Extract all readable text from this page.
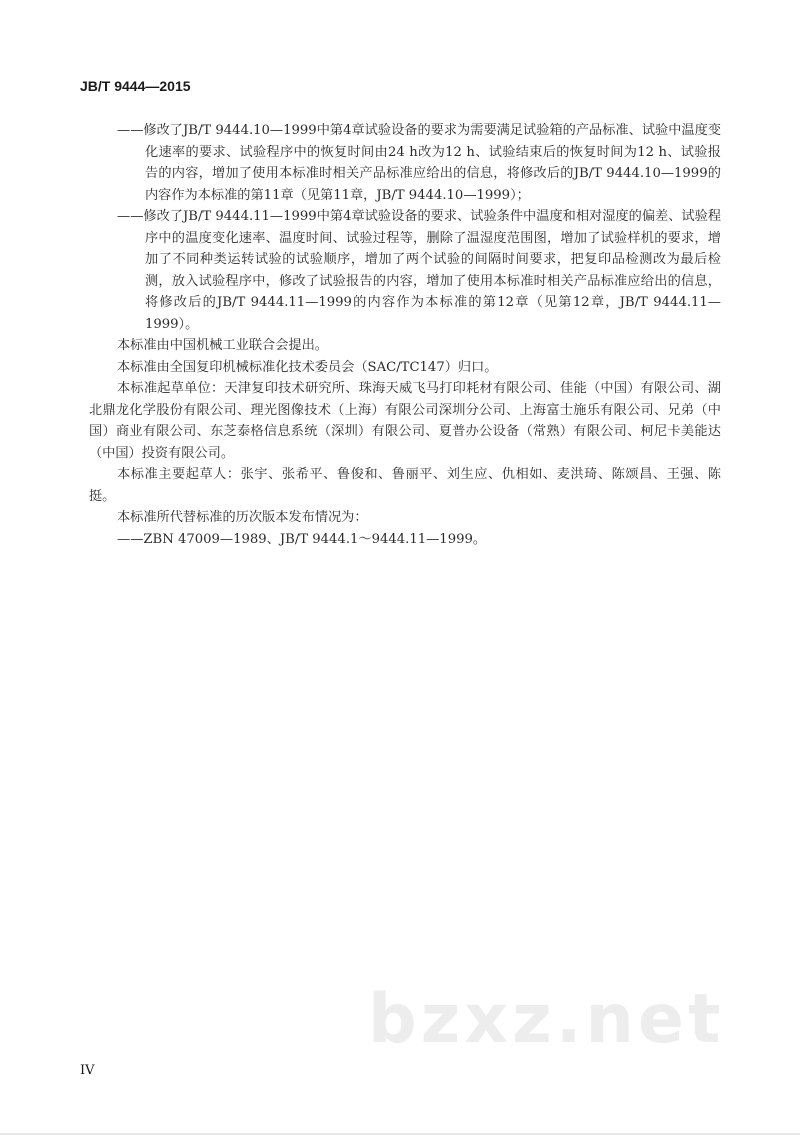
JB/T 9444—2015

——修改了JB/T 9444.10—1999中第4章试验设备的要求为需要满足试验箱的产品标准、试验中温度变化速率的要求、试验程序中的恢复时间由24 h改为12 h、试验结束后的恢复时间为12 h、试验报告的内容，增加了使用本标准时相关产品标准应给出的信息，将修改后的JB/T 9444.10—1999的内容作为本标准的第11章（见第11章，JB/T 9444.10—1999）；

——修改了JB/T 9444.11—1999中第4章试验设备的要求、试验条件中温度和相对湿度的偏差、试验程序中的温度变化速率、温度时间、试验过程等，删除了温湿度范围图，增加了试验样机的要求，增加了不同种类运转试验的试验顺序，增加了两个试验的间隔时间要求，把复印品检测改为最后检测，放入试验程序中，修改了试验报告的内容，增加了使用本标准时相关产品标准应给出的信息，将修改后的JB/T 9444.11—1999的内容作为本标准的第12章（见第12章，JB/T 9444.11—1999）。

本标准由中国机械工业联合会提出。

本标准由全国复印机械标准化技术委员会（SAC/TC147）归口。

本标准起草单位：天津复印技术研究所、珠海天威飞马打印耗材有限公司、佳能（中国）有限公司、湖北鼎龙化学股份有限公司、理光图像技术（上海）有限公司深圳分公司、上海富士施乐有限公司、兄弟（中国）商业有限公司、东芝泰格信息系统（深圳）有限公司、夏普办公设备（常熟）有限公司、柯尼卡美能达（中国）投资有限公司。

本标准主要起草人：张宇、张希平、鲁俊和、鲁丽平、刘生应、仇相如、麦洪琦、陈颂昌、王强、陈挺。

本标准所代替标准的历次版本发布情况为：

——ZBN 47009—1989、JB/T 9444.1～9444.11—1999。

bzxz.net
IV
